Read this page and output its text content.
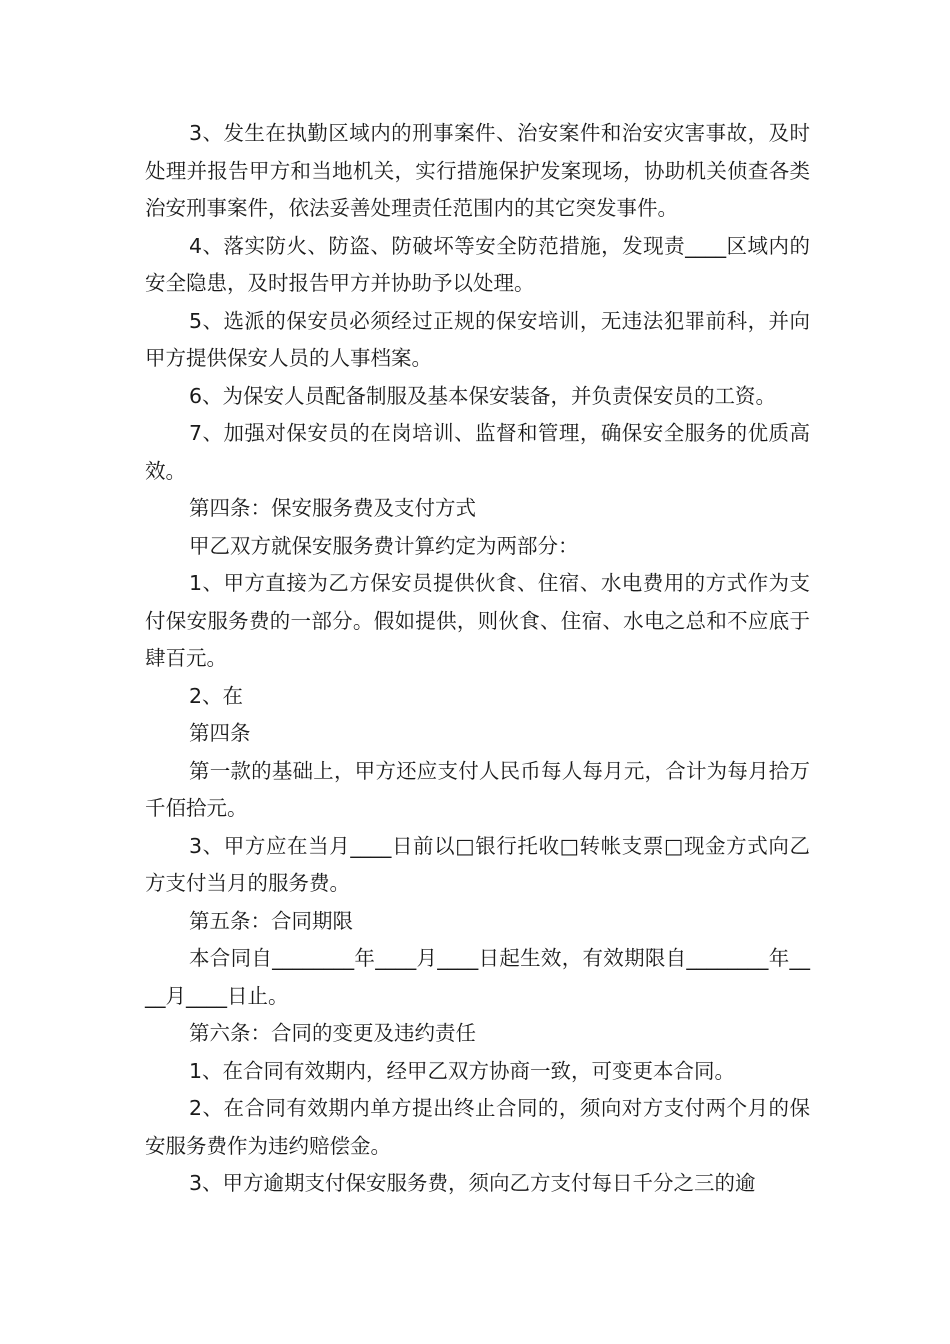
3、发生在执勤区域内的刑事案件、治安案件和治安灾害事故，及时处理并报告甲方和当地机关，实行措施保护发案现场，协助机关侦查各类治安刑事案件，依法妥善处理责任范围内的其它突发事件。

4、落实防火、防盗、防破坏等安全防范措施，发现责____区域内的安全隐患，及时报告甲方并协助予以处理。

5、选派的保安员必须经过正规的保安培训，无违法犯罪前科，并向甲方提供保安人员的人事档案。

6、为保安人员配备制服及基本保安装备，并负责保安员的工资。

7、加强对保安员的在岗培训、监督和管理，确保安全服务的优质高效。

第四条：保安服务费及支付方式

甲乙双方就保安服务费计算约定为两部分：

1、甲方直接为乙方保安员提供伙食、住宿、水电费用的方式作为支付保安服务费的一部分。假如提供，则伙食、住宿、水电之总和不应底于肆百元。

2、在

第四条

第一款的基础上，甲方还应支付人民币每人每月元，合计为每月拾万千佰拾元。

3、甲方应在当月____日前以□银行托收□转帐支票□现金方式向乙方支付当月的服务费。

第五条：合同期限

本合同自________年____月____日起生效，有效期限自________年____月____日止。

第六条：合同的变更及违约责任

1、在合同有效期内，经甲乙双方协商一致，可变更本合同。

2、在合同有效期内单方提出终止合同的，须向对方支付两个月的保安服务费作为违约赔偿金。

3、甲方逾期支付保安服务费，须向乙方支付每日千分之三的逾
